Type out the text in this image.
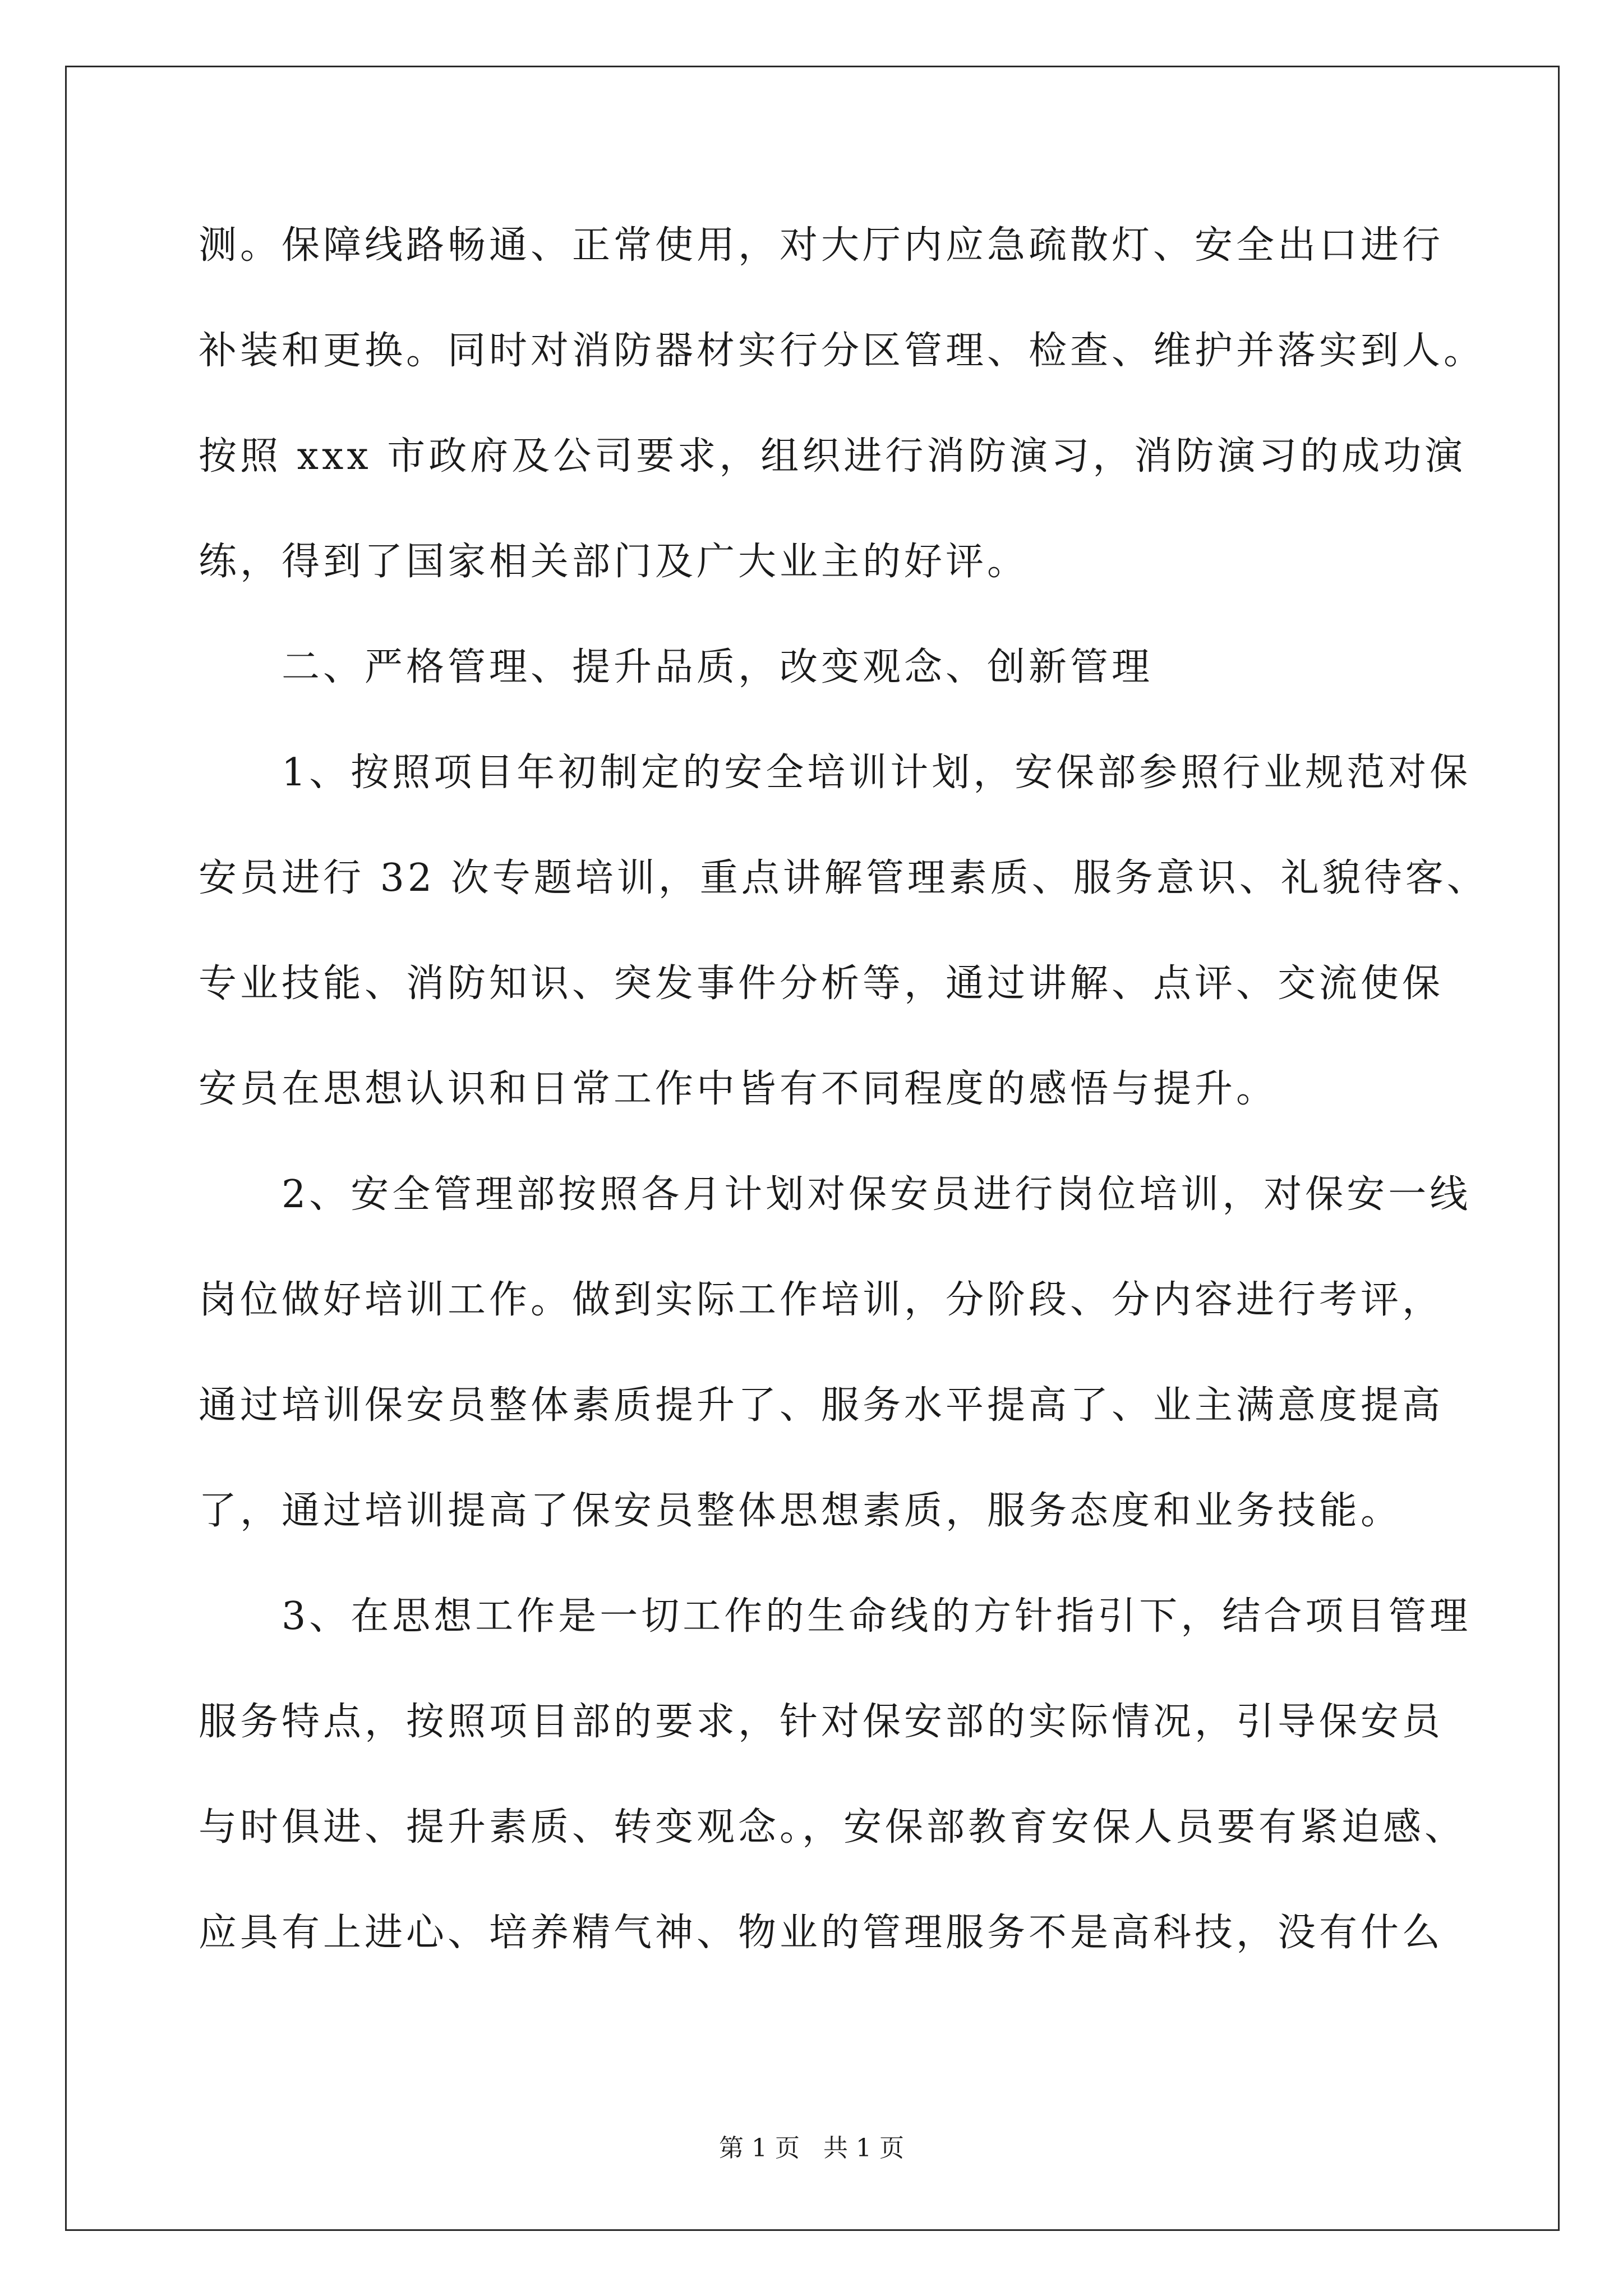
测。保障线路畅通、正常使用，对大厅内应急疏散灯、安全出口进行

补装和更换。同时对消防器材实行分区管理、检查、维护并落实到人。

按照 xxx 市政府及公司要求，组织进行消防演习，消防演习的成功演

练，得到了国家相关部门及广大业主的好评。

二、严格管理、提升品质，改变观念、创新管理

1、按照项目年初制定的安全培训计划，安保部参照行业规范对保

安员进行 32 次专题培训，重点讲解管理素质、服务意识、礼貌待客、

专业技能、消防知识、突发事件分析等，通过讲解、点评、交流使保

安员在思想认识和日常工作中皆有不同程度的感悟与提升。

2、安全管理部按照各月计划对保安员进行岗位培训，对保安一线

岗位做好培训工作。做到实际工作培训，分阶段、分内容进行考评，

通过培训保安员整体素质提升了、服务水平提高了、业主满意度提高

了，通过培训提高了保安员整体思想素质，服务态度和业务技能。

3、在思想工作是一切工作的生命线的方针指引下，结合项目管理

服务特点，按照项目部的要求，针对保安部的实际情况，引导保安员

与时俱进、提升素质、转变观念。，安保部教育安保人员要有紧迫感、

应具有上进心、培养精气神、物业的管理服务不是高科技，没有什么

第 1 页   共 1 页
